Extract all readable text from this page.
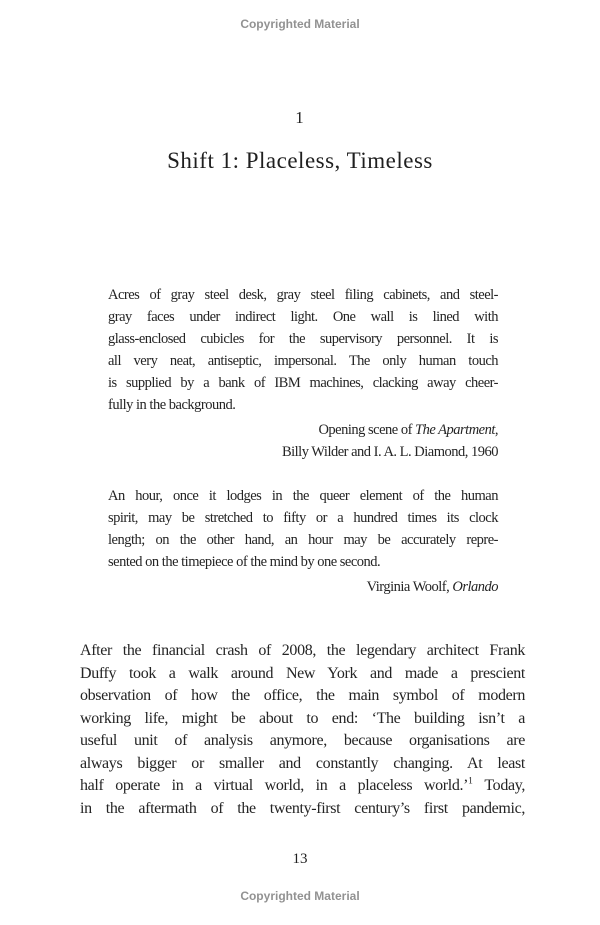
Copyrighted Material
1
Shift 1: Placeless, Timeless
Acres of gray steel desk, gray steel filing cabinets, and steel-
gray faces under indirect light. One wall is lined with
glass-enclosed cubicles for the supervisory personnel. It is
all very neat, antiseptic, impersonal. The only human touch
is supplied by a bank of IBM machines, clacking away cheer-
fully in the background.
Opening scene of The Apartment,
Billy Wilder and I. A. L. Diamond, 1960
An hour, once it lodges in the queer element of the human
spirit, may be stretched to fifty or a hundred times its clock
length; on the other hand, an hour may be accurately repre-
sented on the timepiece of the mind by one second.
Virginia Woolf, Orlando
After the financial crash of 2008, the legendary architect Frank
Duffy took a walk around New York and made a prescient
observation of how the office, the main symbol of modern
working life, might be about to end: ‘The building isn’t a
useful unit of analysis anymore, because organisations are
always bigger or smaller and constantly changing. At least
half operate in a virtual world, in a placeless world.’$^1$ Today,
in the aftermath of the twenty-first century’s first pandemic,
13
Copyrighted Material
